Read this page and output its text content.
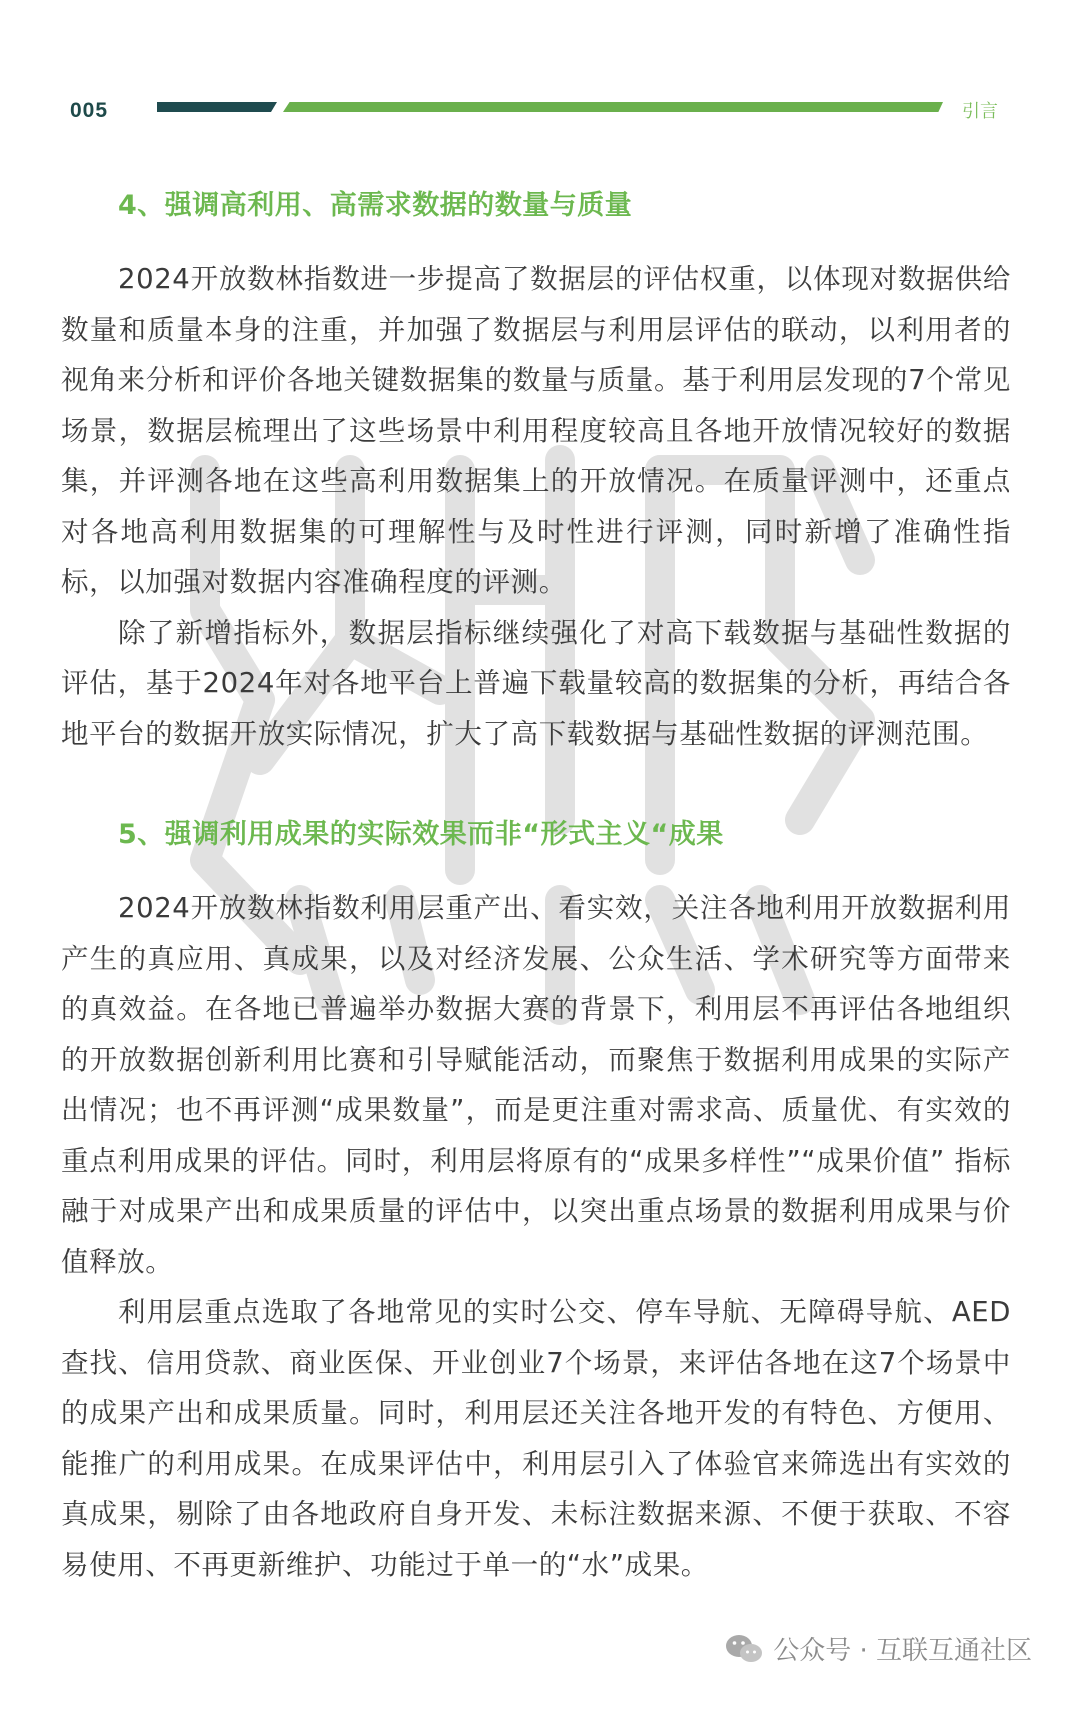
005	引言
4、强调高利用、高需求数据的数量与质量

2024开放数林指数进一步提高了数据层的评估权重，以体现对数据供给数量和质量本身的注重，并加强了数据层与利用层评估的联动，以利用者的视角来分析和评价各地关键数据集的数量与质量。基于利用层发现的7个常见场景，数据层梳理出了这些场景中利用程度较高且各地开放情况较好的数据集，并评测各地在这些高利用数据集上的开放情况。在质量评测中，还重点对各地高利用数据集的可理解性与及时性进行评测，同时新增了准确性指标，以加强对数据内容准确程度的评测。

除了新增指标外，数据层指标继续强化了对高下载数据与基础性数据的评估，基于2024年对各地平台上普遍下载量较高的数据集的分析，再结合各地平台的数据开放实际情况，扩大了高下载数据与基础性数据的评测范围。

5、强调利用成果的实际效果而非“形式主义“成果

2024开放数林指数利用层重产出、看实效，关注各地利用开放数据利用产生的真应用、真成果，以及对经济发展、公众生活、学术研究等方面带来的真效益。在各地已普遍举办数据大赛的背景下，利用层不再评估各地组织的开放数据创新利用比赛和引导赋能活动，而聚焦于数据利用成果的实际产出情况；也不再评测“成果数量”，而是更注重对需求高、质量优、有实效的重点利用成果的评估。同时，利用层将原有的“成果多样性”“成果价值” 指标融于对成果产出和成果质量的评估中，以突出重点场景的数据利用成果与价值释放。

利用层重点选取了各地常见的实时公交、停车导航、无障碍导航、AED查找、信用贷款、商业医保、开业创业7个场景，来评估各地在这7个场景中的成果产出和成果质量。同时，利用层还关注各地开发的有特色、方便用、能推广的利用成果。在成果评估中，利用层引入了体验官来筛选出有实效的真成果，剔除了由各地政府自身开发、未标注数据来源、不便于获取、不容易使用、不再更新维护、功能过于单一的“水”成果。

公众号 · 互联互通社区
